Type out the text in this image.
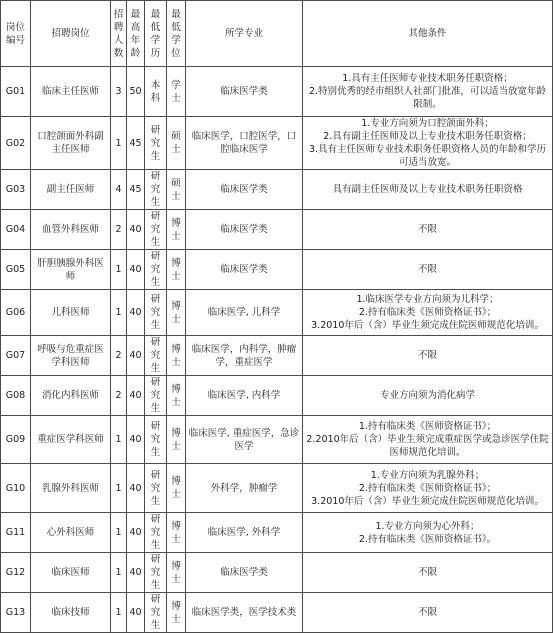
岗位编号	招聘岗位	招聘人数	最高年龄	最低学历	最低学位	所学专业	其他条件
G01	临床主任医师	3	50	本科	学士	临床医学类	1.具有主任医师专业技术职务任职资格；
2.特别优秀的经市组织人社部门批准，可以适当放宽年龄限制。

G02	口腔颌面外科副主任医师	1	45	研究生	硕士	临床医学，口腔医学，口腔临床医学	1.专业方向须为口腔颌面外科；
2.具有副主任医师及以上专业技术职务任职资格；
3.具有主任医师专业技术职务任职资格人员的年龄和学历可适当放宽。

G03	副主任医师	4	45	研究生	硕士	临床医学类	具有副主任医师及以上专业技术职务任职资格

G04	血管外科医师	2	40	研究生	博士	临床医学类	不限

G05	肝胆胰腺外科医师	1	40	研究生	博士	临床医学类	不限

G06	儿科医师	1	40	研究生	博士	临床医学, 儿科学	1.临床医学专业方向须为儿科学；
2.持有临床类《医师资格证书》；
3.2010年后（含）毕业生须完成住院医师规范化培训。

G07	呼吸与危重症医学科医师	2	40	研究生	博士	临床医学，内科学，肿瘤学，重症医学	不限

G08	消化内科医师	2	40	研究生	博士	临床医学, 内科学	专业方向须为消化病学

G09	重症医学科医师	1	40	研究生	博士	临床医学, 重症医学，急诊医学	1.持有临床类《医师资格证书》；
2.2010年后（含）毕业生须完成重症医学或急诊医学住院医师规范化培训。

G10	乳腺外科医师	1	40	研究生	博士	外科学，肿瘤学	1.专业方向须为乳腺外科；
2.持有临床类《医师资格证书》；
3.2010年后（含）毕业生须完成住院医师规范化培训。

G11	心外科医师	1	40	研究生	博士	临床医学, 外科学	1.专业方向须为心外科；
2.持有临床类《医师资格证书》。

G12	临床医师	1	40	研究生	博士	临床医学类	不限

G13	临床技师	1	40	研究生	博士	临床医学类，医学技术类	不限
